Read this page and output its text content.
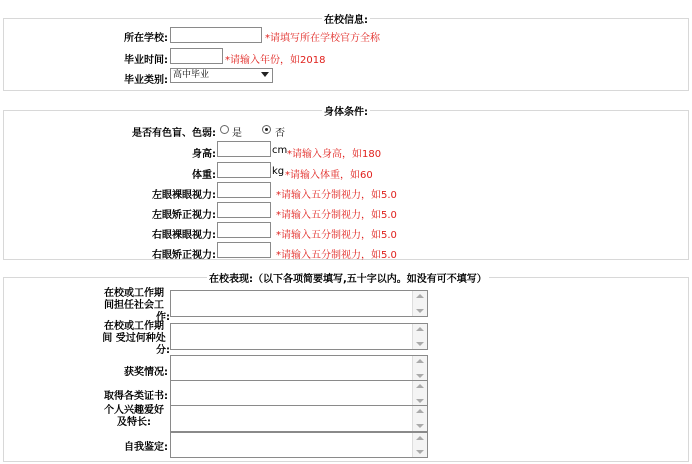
在校信息:
所在学校:	*请填写所在学校官方全称
毕业时间:	*请输入年份，如2018
毕业类别: 高中毕业
身体条件:
是否有色盲、色弱: 是	否
身高:	cm *请输入身高，如180
体重:	kg *请输入体重，如60
左眼裸眼视力:	*请输入五分制视力，如5.0
左眼矫正视力:	*请输入五分制视力，如5.0
右眼裸眼视力:	*请输入五分制视力，如5.0
右眼矫正视力:	*请输入五分制视力，如5.0
在校表现:（以下各项简要填写,五十字以内。如没有可不填写）
在校或工作期
间担任社会工
作:
在校或工作期
间 受过何种处
分:
获奖情况:
取得各类证书:
个人兴趣爱好
及特长:
自我鉴定:
